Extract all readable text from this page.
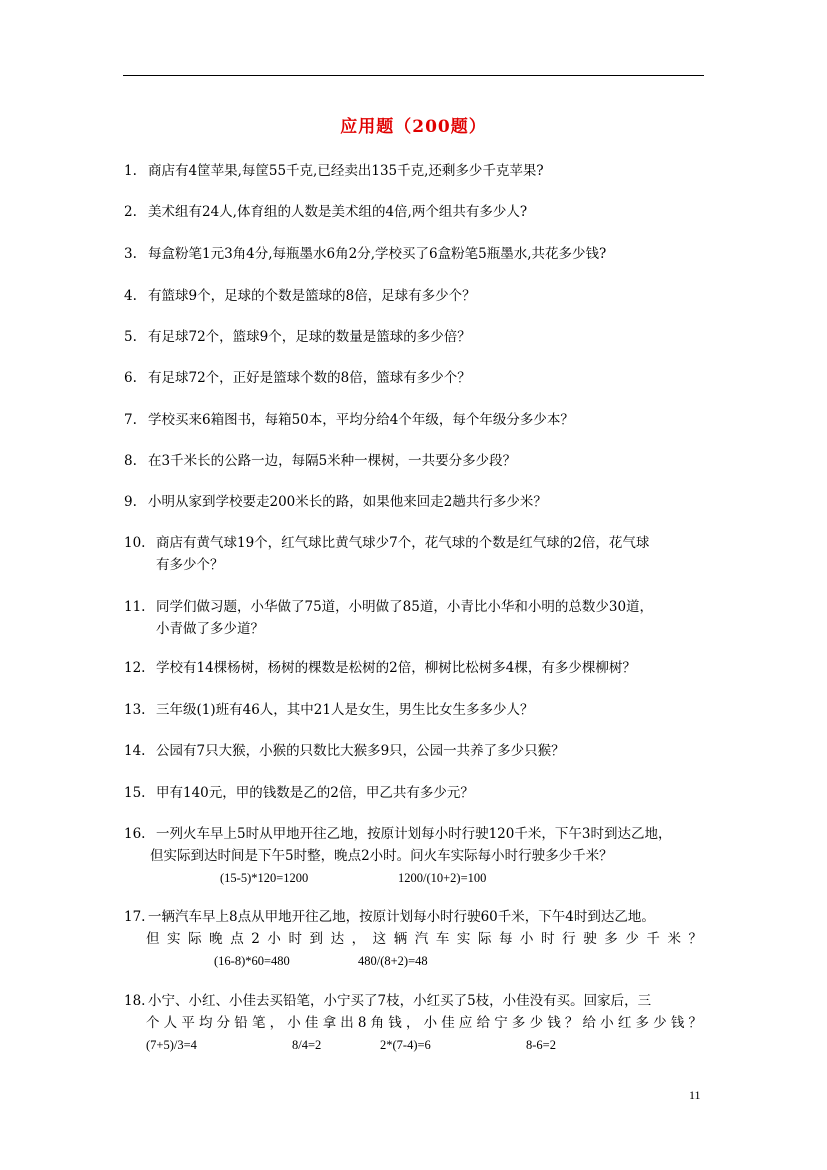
应用题（200题）
1. 商店有4筐苹果,每筐55千克,已经卖出135千克,还剩多少千克苹果?
2. 美术组有24人,体育组的人数是美术组的4倍,两个组共有多少人?
3. 每盒粉笔1元3角4分,每瓶墨水6角2分,学校买了6盒粉笔5瓶墨水,共花多少钱?
4. 有篮球9个，足球的个数是篮球的8倍，足球有多少个？
5. 有足球72个，篮球9个，足球的数量是篮球的多少倍？
6. 有足球72个，正好是篮球个数的8倍，篮球有多少个？
7. 学校买来6箱图书，每箱50本，平均分给4个年级，每个年级分多少本？
8. 在3千米长的公路一边，每隔5米种一棵树，一共要分多少段？
9. 小明从家到学校要走200米长的路，如果他来回走2趟共行多少米？
10. 商店有黄气球19个，红气球比黄气球少7个，花气球的个数是红气球的2倍，花气球
有多少个？
11. 同学们做习题，小华做了75道，小明做了85道，小青比小华和小明的总数少30道，
小青做了多少道？
12. 学校有14棵杨树，杨树的棵数是松树的2倍，柳树比松树多4棵，有多少棵柳树？
13. 三年级(1)班有46人，其中21人是女生，男生比女生多多少人？
14. 公园有7只大猴，小猴的只数比大猴多9只，公园一共养了多少只猴？
15. 甲有140元，甲的钱数是乙的2倍，甲乙共有多少元？
16. 一列火车早上5时从甲地开往乙地，按原计划每小时行驶120千米，下午3时到达乙地，
但实际到达时间是下午5时整，晚点2小时。问火车实际每小时行驶多少千米？
(15-5)*120=1200	1200/(10+2)=100
17. 一辆汽车早上8点从甲地开往乙地，按原计划每小时行驶60千米，下午4时到达乙地。
但实际晚点2小时到达，这辆汽车实际每小时行驶多少千米？
(16-8)*60=480	480/(8+2)=48
18. 小宁、小红、小佳去买铅笔，小宁买了7枝，小红买了5枝，小佳没有买。回家后，三
个人平均分铅笔，小佳拿出8角钱，小佳应给宁多少钱？给小红多少钱？
(7+5)/3=4	8/4=2	2*(7-4)=6	8-6=2
11
